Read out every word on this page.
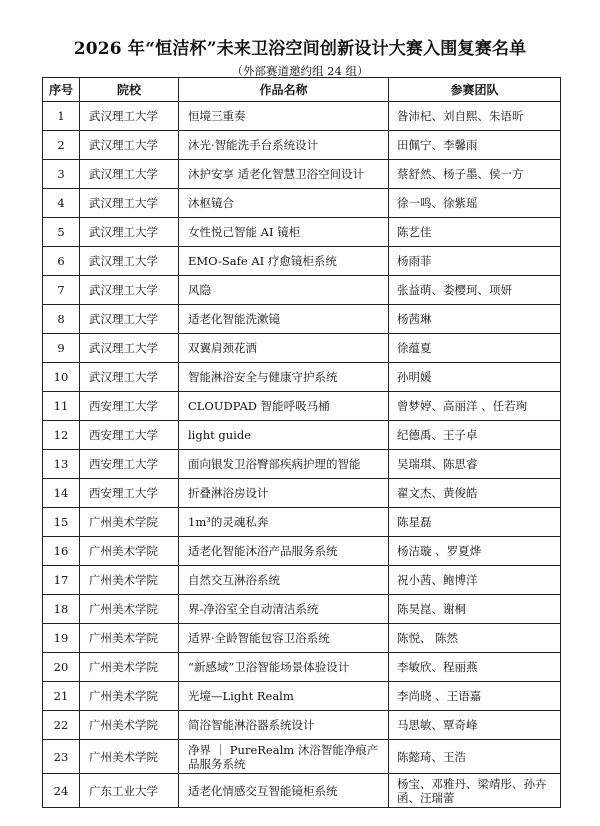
2026 年“恒洁杯”未来卫浴空间创新设计大赛入围复赛名单
（外部赛道邀约组 24 组）
序号	院校	作品名称	参赛团队
1	武汉理工大学	恒境三重奏	昝沛杞、刘自熙、朱语昕
2	武汉理工大学	沐光·智能洗手台系统设计	田佩宁、李馨雨
3	武汉理工大学	沐护安享 适老化智慧卫浴空间设计	蔡舒然、杨子墨、侯一方
4	武汉理工大学	沐枢镜合	徐一鸣、徐紫瑶
5	武汉理工大学	女性悦己智能 AI 镜柜	陈艺佳
6	武汉理工大学	EMO-Safe AI 疗愈镜柜系统	杨雨菲
7	武汉理工大学	风隐	张益萌、娄樱珂、项妍
8	武汉理工大学	适老化智能洗漱镜	杨茜琳
9	武汉理工大学	双翼肩颈花洒	徐蕴夏
10	武汉理工大学	智能淋浴安全与健康守护系统	孙明媛
11	西安理工大学	CLOUDPAD 智能呼吸马桶	曾梦婷、高丽洋 、任若珣
12	西安理工大学	light guide	纪德禹、王子卓
13	西安理工大学	面向银发卫浴臀部疾病护理的智能	吴瑞琪、陈思睿
14	西安理工大学	折叠淋浴房设计	翟文杰、黄俊皓
15	广州美术学院	1m³的灵魂私奔	陈星磊
16	广州美术学院	适老化智能沐浴产品服务系统	杨洁璇 、罗夏烨
17	广州美术学院	自然交互淋浴系统	祝小茜、鲍博洋
18	广州美术学院	界-净浴室全自动清洁系统	陈昊崑、谢桐
19	广州美术学院	适界·全龄智能包容卫浴系统	陈悦、 陈然
20	广州美术学院	“新感域”卫浴智能场景体验设计	李敏欣、程丽燕
21	广州美术学院	光境—Light Realm	李尚晓 、王语嘉
22	广州美术学院	简浴智能淋浴器系统设计	马思敏、覃奇峰
23	广州美术学院	净界 ｜ PureRealm 沐浴智能净痕产品服务系统	陈懿琦、王浩
24	广东工业大学	适老化情感交互智能镜柜系统	杨宝、邓雅丹、梁靖彤、孙卉函、汪瑞蕾
